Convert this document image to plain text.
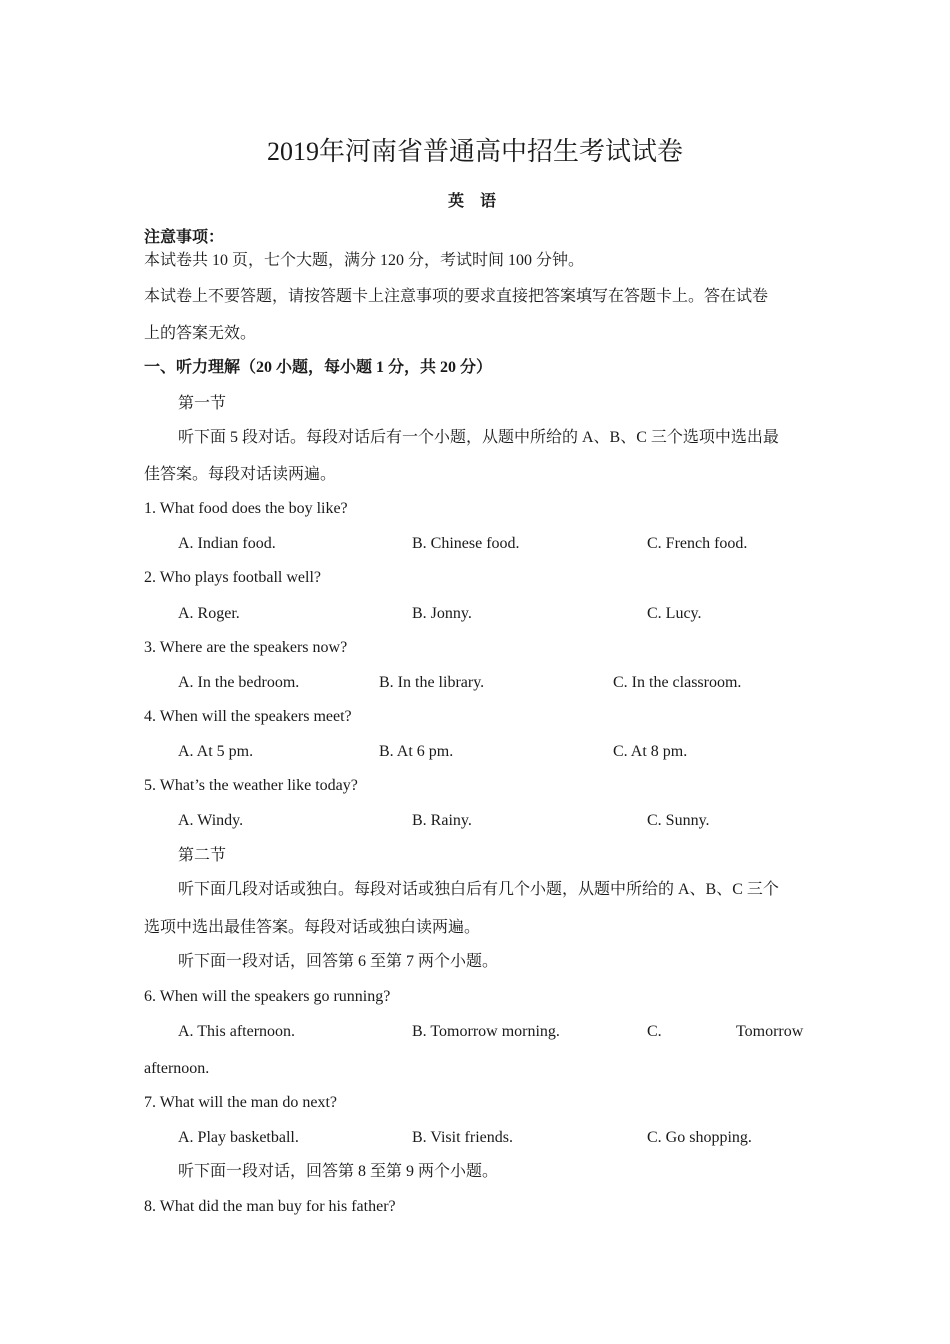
2019年河南省普通高中招生考试试卷
英 语
注意事项：
本试卷共 10 页，七个大题，满分 120 分，考试时间 100 分钟。
本试卷上不要答题，请按答题卡上注意事项的要求直接把答案填写在答题卡上。答在试卷
上的答案无效。
一、听力理解（20 小题，每小题 1 分，共 20 分）
第一节
听下面 5 段对话。每段对话后有一个小题，从题中所给的 A、B、C 三个选项中选出最
佳答案。每段对话读两遍。
1. What food does the boy like?
A. Indian food.	B. Chinese food.	C. French food.
2. Who plays football well?
A. Roger.	B. Jonny.	C. Lucy.
3. Where are the speakers now?
A. In the bedroom.	B. In the library.	C. In the classroom.
4. When will the speakers meet?
A. At 5 pm.	B. At 6 pm.	C. At 8 pm.
5. What’s the weather like today?
A. Windy.	B. Rainy.	C. Sunny.
第二节
听下面几段对话或独白。每段对话或独白后有几个小题，从题中所给的 A、B、C 三个
选项中选出最佳答案。每段对话或独白读两遍。
听下面一段对话，回答第 6 至第 7 两个小题。
6. When will the speakers go running?
A. This afternoon.	B. Tomorrow morning.	C.	Tomorrow
afternoon.
7. What will the man do next?
A. Play basketball.	B. Visit friends.	C. Go shopping.
听下面一段对话，回答第 8 至第 9 两个小题。
8. What did the man buy for his father?
